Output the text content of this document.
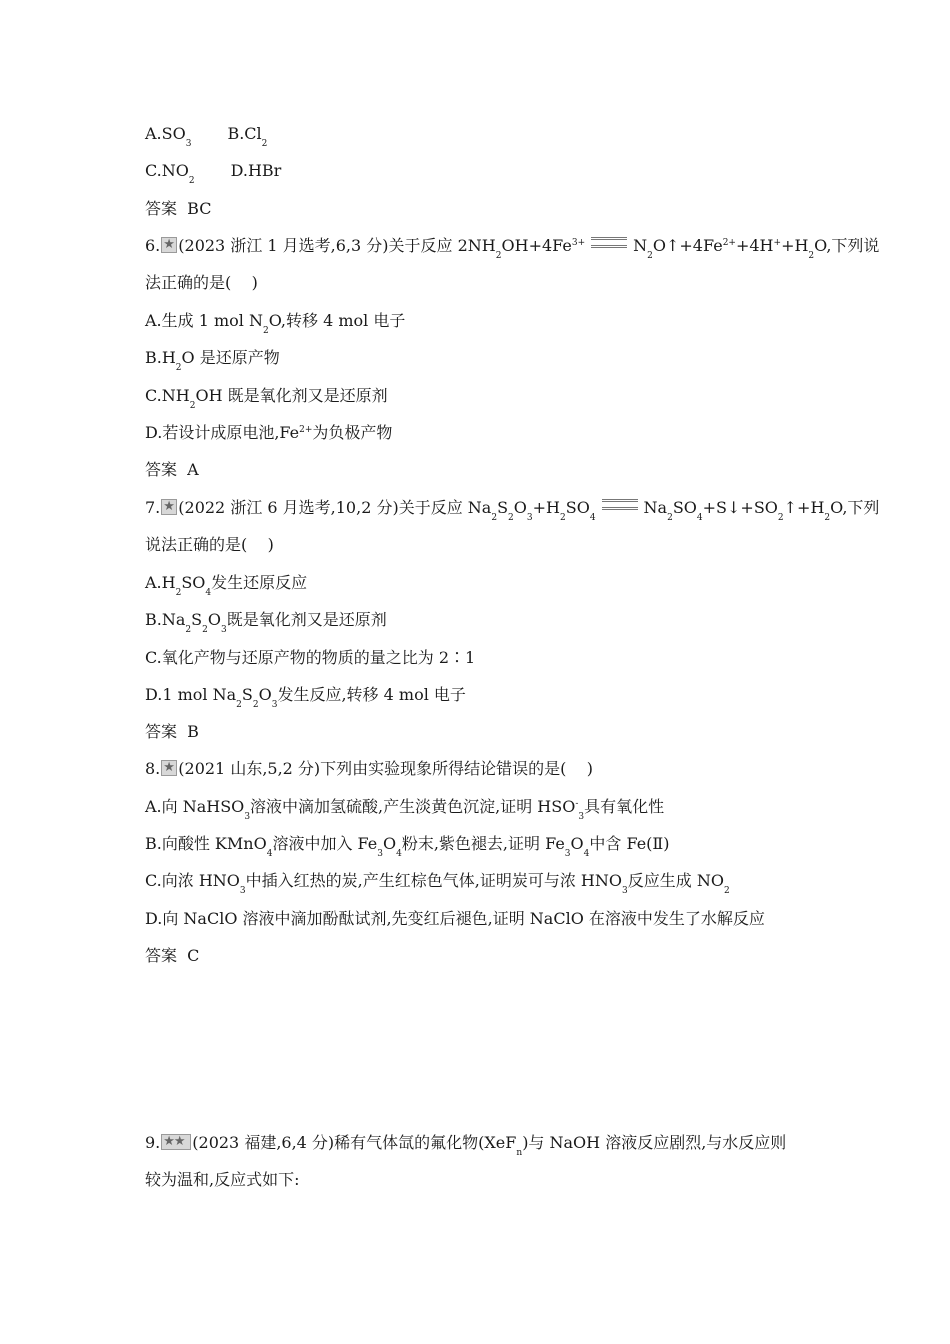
$A.SO_3B.Cl_2$
$C.NO_2D.HBr$
答案  BC
6. ★ (2023 浙江 1 月选考,6,3 分)关于反应 $2NH_2OH+4Fe^{3+}$	$N_2O↑+4Fe^{2+}+4H^++H_2O$,下列说
法正确的是(    )
A.生成 1 mol $N_2O$,转移 4 mol 电子
$B.H_2O$ 是还原产物
$C.NH_2OH$ 既是氧化剂又是还原剂
D.若设计成原电池$,Fe^{2+}$为负极产物
答案  A
7. ★ (2022 浙江 6 月选考,10,2 分)关于反应 $Na_2S_2O_3+H_2SO_4Na_2SO_4+S↓+SO_2↑+H_2O$,下列
说法正确的是(    )
$A.H_2SO_4$发生还原反应
$B.Na_2S_2O_3$既是氧化剂又是还原剂
C.氧化产物与还原产物的物质的量之比为 2∶1
D.1 mol $Na_2S_2O_3$发生反应,转移 4 mol 电子
答案  B
8. ★ (2021 山东,5,2 分)下列由实验现象所得结论错误的是(    )
A.向 NaHSO$_3$溶液中滴加氢硫酸,产生淡黄色沉淀,证明 $HSO^-_3$具有氧化性
B.向酸性 KMnO$_4$溶液中加入 $Fe_3O_4$粉末,紫色褪去,证明 $Fe_3O_4$中含 Fe(Ⅱ)
C.向浓 $HNO_3$中插入红热的炭,产生红棕色气体,证明炭可与浓 $HNO_3$反应生成 $NO_2$
D.向 NaClO 溶液中滴加酚酞试剂,先变红后褪色,证明 NaClO 在溶液中发生了水解反应
答案  C
9. ★★ (2023 福建,6,4 分)稀有气体氙的氟化物(XeF$_n$)与 NaOH 溶液反应剧烈,与水反应则
较为温和,反应式如下:
